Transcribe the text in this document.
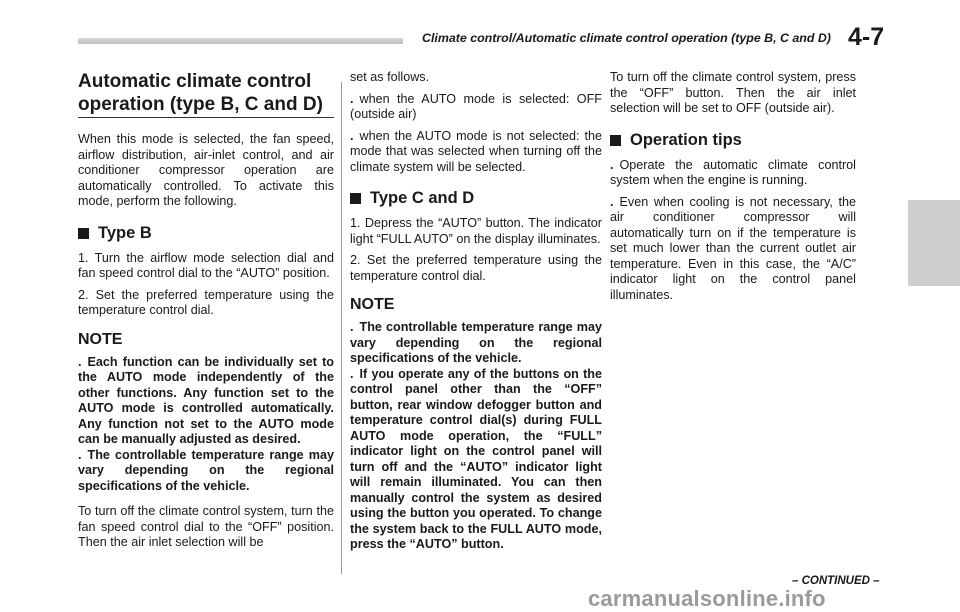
Climate control/Automatic climate control operation (type B, C and D) 4-7
Automatic climate control operation (type B, C and D)

When this mode is selected, the fan speed, airflow distribution, air-inlet control, and air conditioner compressor operation are automatically controlled. To activate this mode, perform the following.

Type B

1. Turn the airflow mode selection dial and fan speed control dial to the “AUTO” position.

2. Set the preferred temperature using the temperature control dial.

NOTE

. Each function can be individually set to the AUTO mode independently of the other functions. Any function set to the AUTO mode is controlled automatically. Any function not set to the AUTO mode can be manually adjusted as desired.

. The controllable temperature range may vary depending on the regional specifications of the vehicle.

To turn off the climate control system, turn the fan speed control dial to the “OFF” position. Then the air inlet selection will be

set as follows.

. when the AUTO mode is selected: OFF (outside air)

. when the AUTO mode is not selected: the mode that was selected when turning off the climate system will be selected.

Type C and D

1. Depress the “AUTO” button. The indicator light “FULL AUTO” on the display illuminates.

2. Set the preferred temperature using the temperature control dial.

NOTE

. The controllable temperature range may vary depending on the regional specifications of the vehicle.

. If you operate any of the buttons on the control panel other than the “OFF” button, rear window defogger button and temperature control dial(s) during FULL AUTO mode operation, the “FULL” indicator light on the control panel will turn off and the “AUTO” indicator light will remain illuminated. You can then manually control the system as desired using the button you operated. To change the system back to the FULL AUTO mode, press the “AUTO” button.

To turn off the climate control system, press the “OFF” button. Then the air inlet selection will be set to OFF (outside air).

Operation tips

. Operate the automatic climate control system when the engine is running.

. Even when cooling is not necessary, the air conditioner compressor will automatically turn on if the temperature is set much lower than the current outlet air temperature. Even in this case, the “A/C” indicator light on the control panel illuminates.

– CONTINUED –
carmanualsonline.info
